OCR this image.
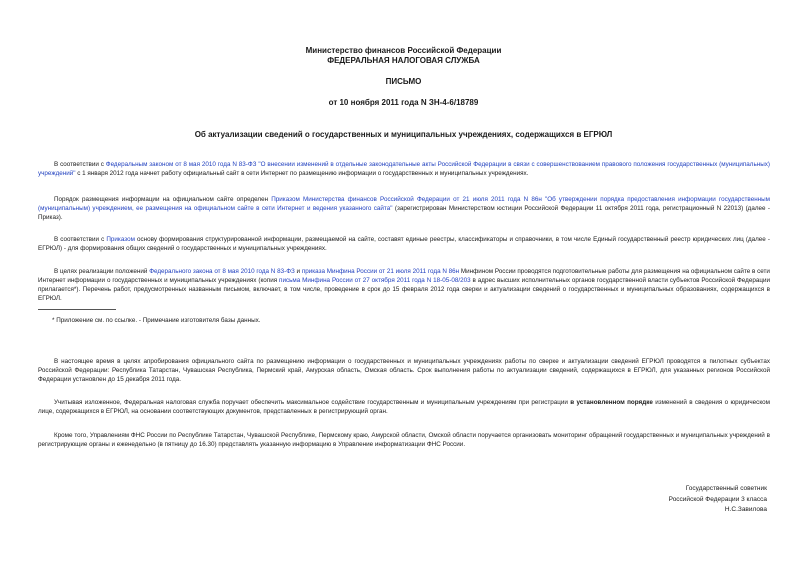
Министерство финансов Российской Федерации
ФЕДЕРАЛЬНАЯ НАЛОГОВАЯ СЛУЖБА
ПИСЬМО
от 10 ноября 2011 года N ЗН-4-6/18789
Об актуализации сведений о государственных и муниципальных учреждениях, содержащихся в ЕГРЮЛ

В соответствии с Федеральным законом от 8 мая 2010 года N 83-ФЗ "О внесении изменений в отдельные законодательные акты Российской Федерации в связи с совершенствованием правового положения государственных (муниципальных) учреждений" с 1 января 2012 года начнет работу официальный сайт в сети Интернет по размещению информации о государственных и муниципальных учреждениях.

Порядок размещения информации на официальном сайте определен Приказом Министерства финансов Российской Федерации от 21 июля 2011 года N 86н "Об утверждении порядка предоставления информации государственным (муниципальным) учреждением, ее размещения на официальном сайте в сети Интернет и ведения указанного сайта" (зарегистрирован Министерством юстиции Российской Федерации 11 октября 2011 года, регистрационный N 22013) (далее - Приказ).

В соответствии с Приказом основу формирования структурированной информации, размещаемой на сайте, составят единые реестры, классификаторы и справочники, в том числе Единый государственный реестр юридических лиц (далее - ЕГРЮЛ) - для формирования общих сведений о государственных и муниципальных учреждениях.

В целях реализации положений Федерального закона от 8 мая 2010 года N 83-ФЗ и приказа Минфина России от 21 июля 2011 года N 86н Минфином России проводятся подготовительные работы для размещения на официальном сайте в сети Интернет информации о государственных и муниципальных учреждениях (копия письма Минфина России от 27 октября 2011 года N 18-05-08/203 в адрес высших исполнительных органов государственной власти субъектов Российской Федерации прилагается*). Перечень работ, предусмотренных названным письмом, включает, в том числе, проведение в срок до 15 февраля 2012 года сверки и актуализации сведений о государственных и муниципальных образованиях, содержащихся в ЕГРЮЛ.

* Приложение см. по ссылке. - Примечание изготовителя базы данных.

В настоящее время в целях апробирования официального сайта по размещению информации о государственных и муниципальных учреждениях работы по сверке и актуализации сведений ЕГРЮЛ проводятся в пилотных субъектах Российской Федерации: Республика Татарстан, Чувашская Республика, Пермский край, Амурская область, Омская область. Срок выполнения работы по актуализации сведений, содержащихся в ЕГРЮЛ, для указанных регионов Российской Федерации установлен до 15 декабря 2011 года.

Учитывая изложенное, Федеральная налоговая служба поручает обеспечить максимальное содействие государственным и муниципальным учреждениям при регистрации в установленном порядке изменений в сведения о юридическом лице, содержащихся в ЕГРЮЛ, на основании соответствующих документов, представленных в регистрирующий орган.

Кроме того, Управлениям ФНС России по Республике Татарстан, Чувашской Республике, Пермскому краю, Амурской области, Омской области поручается организовать мониторинг обращений государственных и муниципальных учреждений в регистрирующие органы и еженедельно (в пятницу до 16.30) представлять указанную информацию в Управление информатизации ФНС России.

Государственный советник
Российской Федерации 3 класса
Н.С.Завилова
